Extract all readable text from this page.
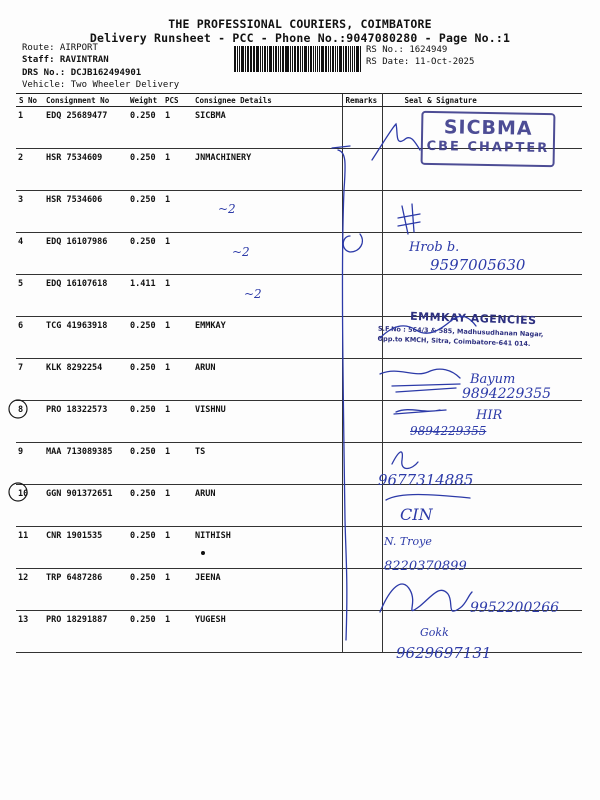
THE PROFESSIONAL COURIERS, COIMBATORE
Delivery Runsheet - PCC - Phone No.:9047080280 - Page No.:1
Route: AIRPORT
Staff: RAVINTRAN
DRS No.: DCJB162494901
Vehicle: Two Wheeler Delivery
RS No.: 1624949
RS Date: 11-Oct-2025
S No	Consignment No	Weight	PCS	Consignee Details	Remarks	Seal & Signature
1	EDQ 25689477	0.250	1	SICBMA		
2	HSR 7534609	0.250	1	JNMACHINERY		
3	HSR 7534606	0.250	1			
4	EDQ 16107986	0.250	1			
5	EDQ 16107618	1.411	1			
6	TCG 41963918	0.250	1	EMMKAY		
7	KLK 8292254	0.250	1	ARUN		
8	PRO 18322573	0.250	1	VISHNU		
9	MAA 713089385	0.250	1	TS		
10	GGN 901372651	0.250	1	ARUN		
11	CNR 1901535	0.250	1	NITHISH		
12	TRP 6487286	0.250	1	JEENA		
13	PRO 18291887	0.250	1	YUGESH		
SICBMA
CBE CHAPTER
EMMKAY AGENCIES
S.F.No : 564/3 & 585, Madhusudhanan Nagar,
Opp.to KMCH, Sitra, Coimbatore-641 014.
~2
~2
~2
Hrob b.
9597005630
Bayum
9894229355
HIR
9894229355
9677314885
CIN
N. Troye
8220370899
9952200266
Gokk
9629697131
